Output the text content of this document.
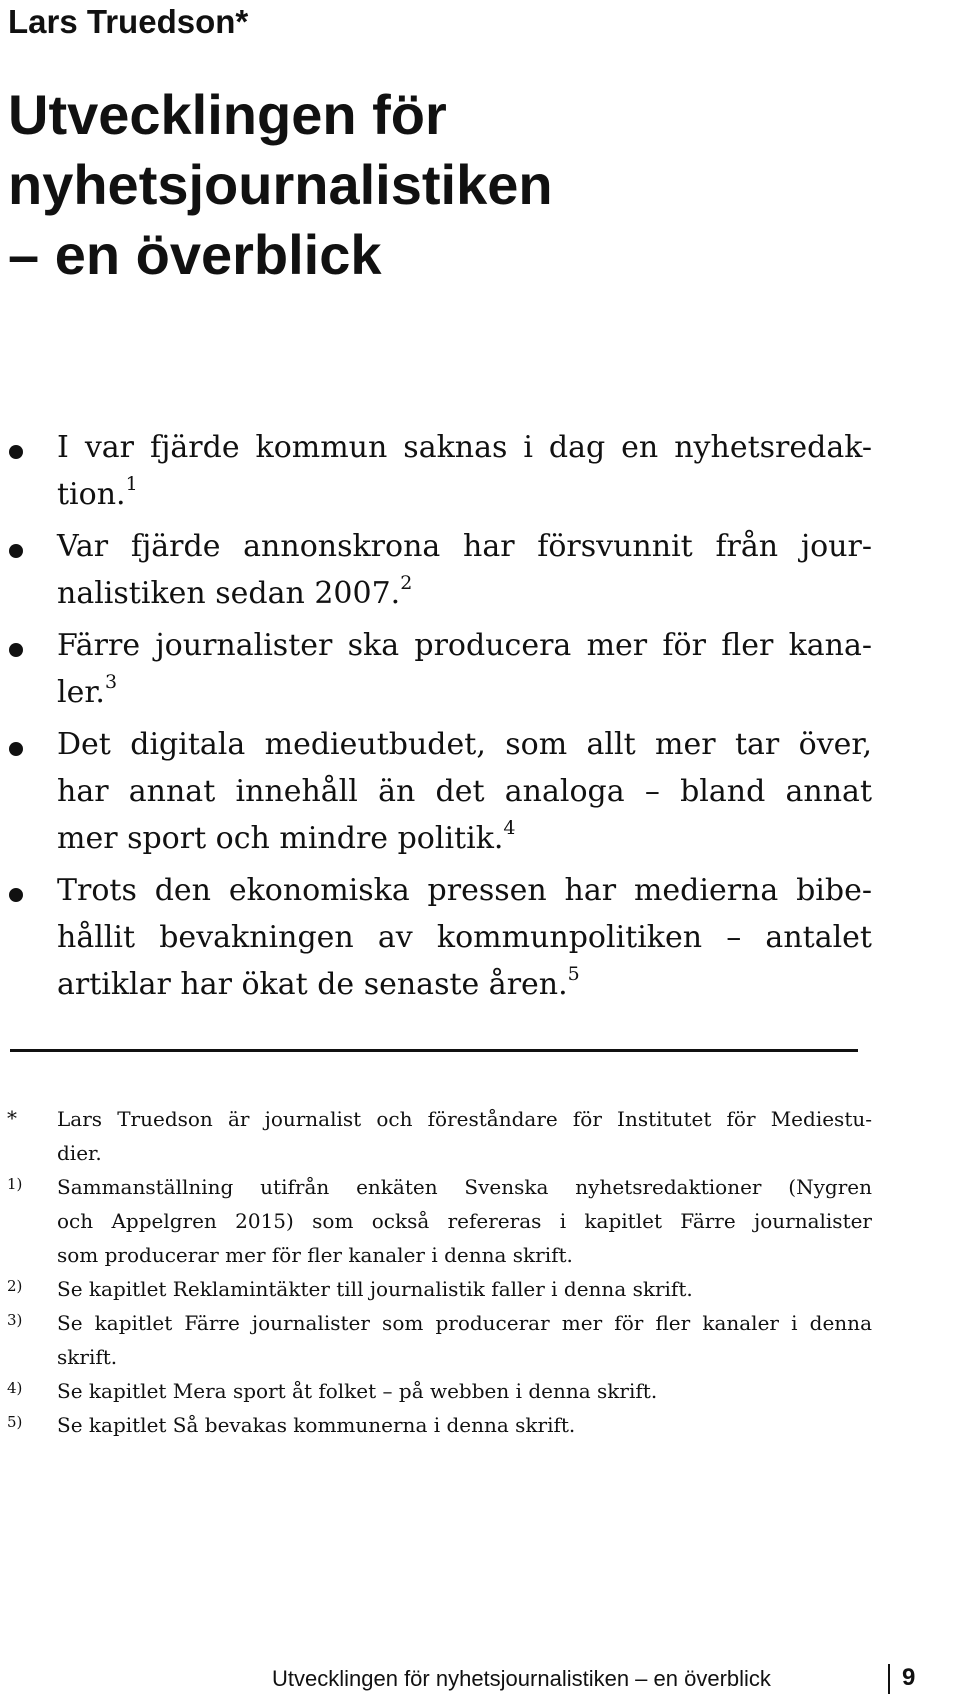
Lars Truedson*
Utvecklingen för
nyhetsjournalistiken
– en överblick
I var fjärde kommun saknas i dag en nyhetsredak-
tion.$^1$
Var fjärde annonskrona har försvunnit från jour-
nalistiken sedan 2007.$^2$
Färre journalister ska producera mer för fler kana-
ler.$^3$
Det digitala medieutbudet, som allt mer tar över,
har annat innehåll än det analoga – bland annat
mer sport och mindre politik.$^4$
Trots den ekonomiska pressen har medierna bibe-
hållit bevakningen av kommunpolitiken – antalet
artiklar har ökat de senaste åren.$^5$
* Lars Truedson är journalist och föreståndare för Institutet för Mediestu-
dier.
1) Sammanställning utifrån enkäten Svenska nyhetsredaktioner (Nygren
och Appelgren 2015) som också refereras i kapitlet Färre journalister
som producerar mer för fler kanaler i denna skrift.
2) Se kapitlet Reklamintäkter till journalistik faller i denna skrift.
3) Se kapitlet Färre journalister som producerar mer för fler kanaler i denna
skrift.
4) Se kapitlet Mera sport åt folket – på webben i denna skrift.
5) Se kapitlet Så bevakas kommunerna i denna skrift.
Utvecklingen för nyhetsjournalistiken – en överblick	9
